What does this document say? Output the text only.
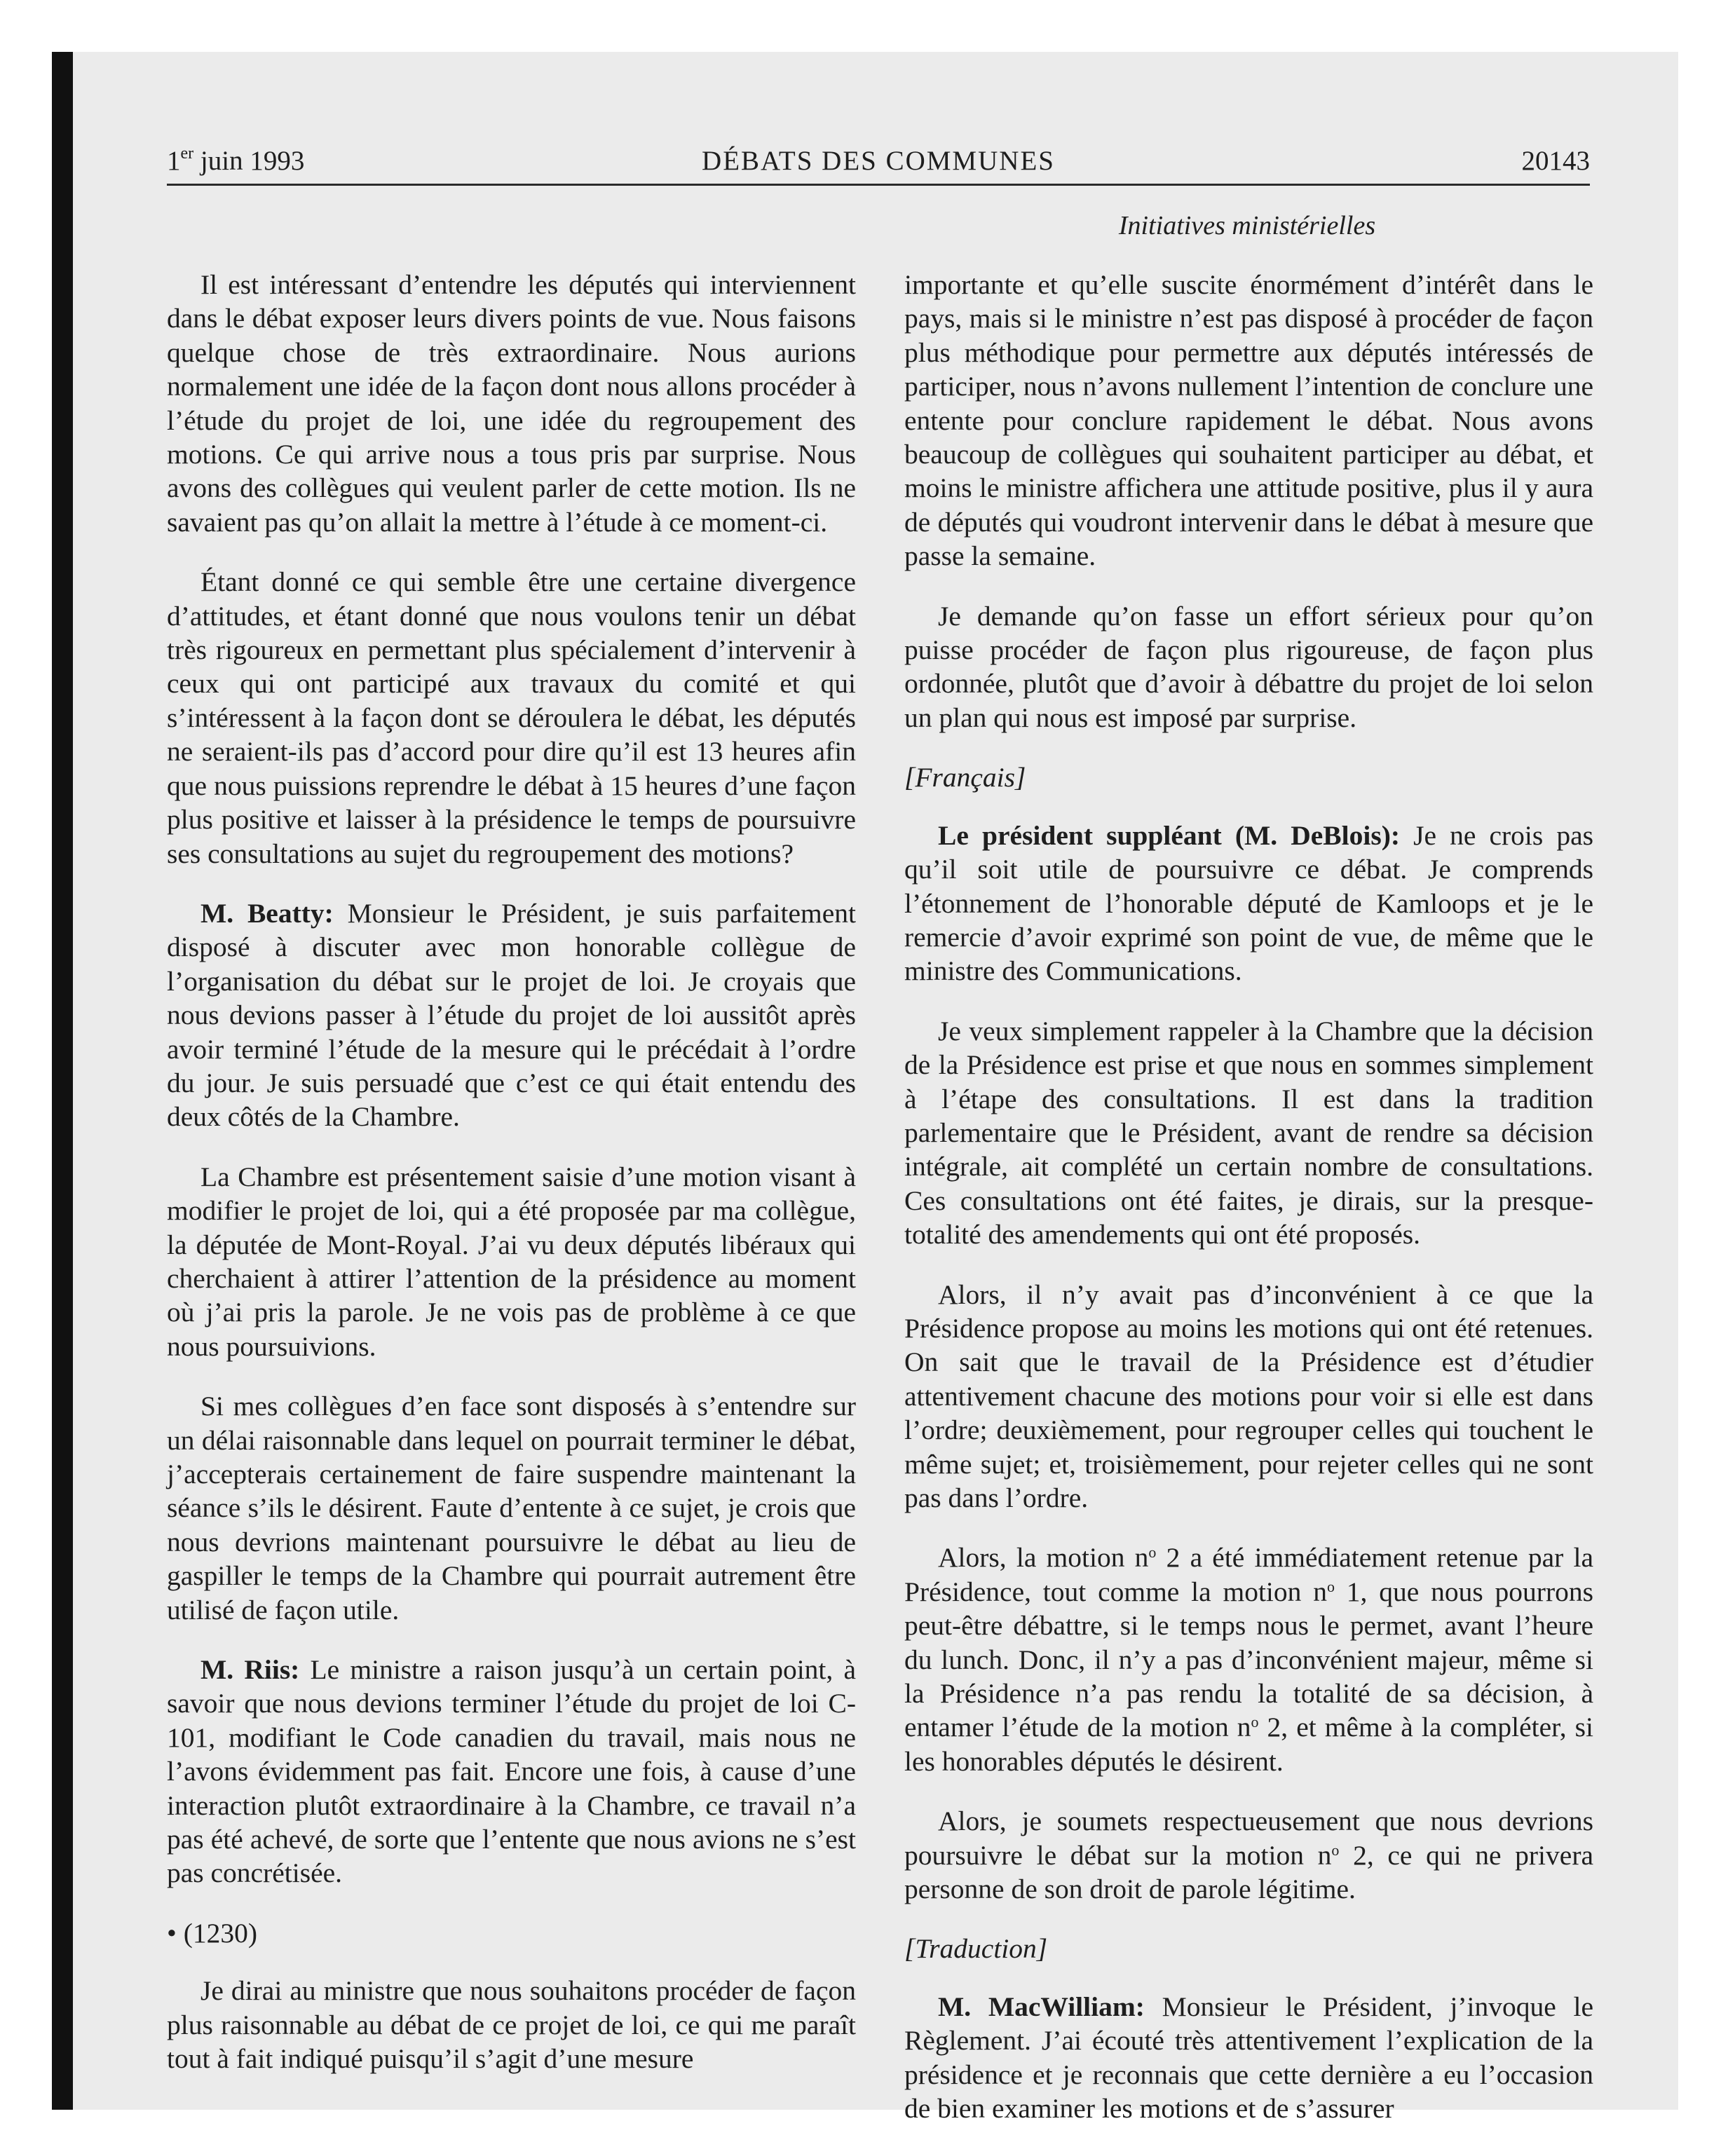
1er juin 1993	DÉBATS DES COMMUNES	20143
Initiatives ministérielles

Il est intéressant d’entendre les députés qui interviennent dans le débat exposer leurs divers points de vue. Nous faisons quelque chose de très extraordinaire. Nous aurions normalement une idée de la façon dont nous allons procéder à l’étude du projet de loi, une idée du regroupement des motions. Ce qui arrive nous a tous pris par surprise. Nous avons des collègues qui veulent parler de cette motion. Ils ne savaient pas qu’on allait la mettre à l’étude à ce moment-ci.

Étant donné ce qui semble être une certaine divergence d’attitudes, et étant donné que nous voulons tenir un débat très rigoureux en permettant plus spécialement d’intervenir à ceux qui ont participé aux travaux du comité et qui s’intéressent à la façon dont se déroulera le débat, les députés ne seraient-ils pas d’accord pour dire qu’il est 13 heures afin que nous puissions reprendre le débat à 15 heures d’une façon plus positive et laisser à la présidence le temps de poursuivre ses consultations au sujet du regroupement des motions?

M. Beatty: Monsieur le Président, je suis parfaitement disposé à discuter avec mon honorable collègue de l’organisation du débat sur le projet de loi. Je croyais que nous devions passer à l’étude du projet de loi aussitôt après avoir terminé l’étude de la mesure qui le précédait à l’ordre du jour. Je suis persuadé que c’est ce qui était entendu des deux côtés de la Chambre.

La Chambre est présentement saisie d’une motion visant à modifier le projet de loi, qui a été proposée par ma collègue, la députée de Mont-Royal. J’ai vu deux députés libéraux qui cherchaient à attirer l’attention de la présidence au moment où j’ai pris la parole. Je ne vois pas de problème à ce que nous poursuivions.

Si mes collègues d’en face sont disposés à s’entendre sur un délai raisonnable dans lequel on pourrait terminer le débat, j’accepterais certainement de faire suspendre maintenant la séance s’ils le désirent. Faute d’entente à ce sujet, je crois que nous devrions maintenant poursuivre le débat au lieu de gaspiller le temps de la Chambre qui pourrait autrement être utilisé de façon utile.

M. Riis: Le ministre a raison jusqu’à un certain point, à savoir que nous devions terminer l’étude du projet de loi C-101, modifiant le Code canadien du travail, mais nous ne l’avons évidemment pas fait. Encore une fois, à cause d’une interaction plutôt extraordinaire à la Chambre, ce travail n’a pas été achevé, de sorte que l’entente que nous avions ne s’est pas concrétisée.

• (1230)

Je dirai au ministre que nous souhaitons procéder de façon plus raisonnable au débat de ce projet de loi, ce qui me paraît tout à fait indiqué puisqu’il s’agit d’une mesure

importante et qu’elle suscite énormément d’intérêt dans le pays, mais si le ministre n’est pas disposé à procéder de façon plus méthodique pour permettre aux députés intéressés de participer, nous n’avons nullement l’intention de conclure une entente pour conclure rapidement le débat. Nous avons beaucoup de collègues qui souhaitent participer au débat, et moins le ministre affichera une attitude positive, plus il y aura de députés qui voudront intervenir dans le débat à mesure que passe la semaine.

Je demande qu’on fasse un effort sérieux pour qu’on puisse procéder de façon plus rigoureuse, de façon plus ordonnée, plutôt que d’avoir à débattre du projet de loi selon un plan qui nous est imposé par surprise.

[Français]

Le président suppléant (M. DeBlois): Je ne crois pas qu’il soit utile de poursuivre ce débat. Je comprends l’étonnement de l’honorable député de Kamloops et je le remercie d’avoir exprimé son point de vue, de même que le ministre des Communications.

Je veux simplement rappeler à la Chambre que la décision de la Présidence est prise et que nous en sommes simplement à l’étape des consultations. Il est dans la tradition parlementaire que le Président, avant de rendre sa décision intégrale, ait complété un certain nombre de consultations. Ces consultations ont été faites, je dirais, sur la presque-totalité des amendements qui ont été proposés.

Alors, il n’y avait pas d’inconvénient à ce que la Présidence propose au moins les motions qui ont été retenues. On sait que le travail de la Présidence est d’étudier attentivement chacune des motions pour voir si elle est dans l’ordre; deuxièmement, pour regrouper celles qui touchent le même sujet; et, troisièmement, pour rejeter celles qui ne sont pas dans l’ordre.

Alors, la motion $n^o$ 2 a été immédiatement retenue par la Présidence, tout comme la motion $n^o$ 1, que nous pourrons peut-être débattre, si le temps nous le permet, avant l’heure du lunch. Donc, il n’y a pas d’inconvénient majeur, même si la Présidence n’a pas rendu la totalité de sa décision, à entamer l’étude de la motion $n^o$ 2, et même à la compléter, si les honorables députés le désirent.

Alors, je soumets respectueusement que nous devrions poursuivre le débat sur la motion $n^o$ 2, ce qui ne privera personne de son droit de parole légitime.

[Traduction]

M. MacWilliam: Monsieur le Président, j’invoque le Règlement. J’ai écouté très attentivement l’explication de la présidence et je reconnais que cette dernière a eu l’occasion de bien examiner les motions et de s’assurer
